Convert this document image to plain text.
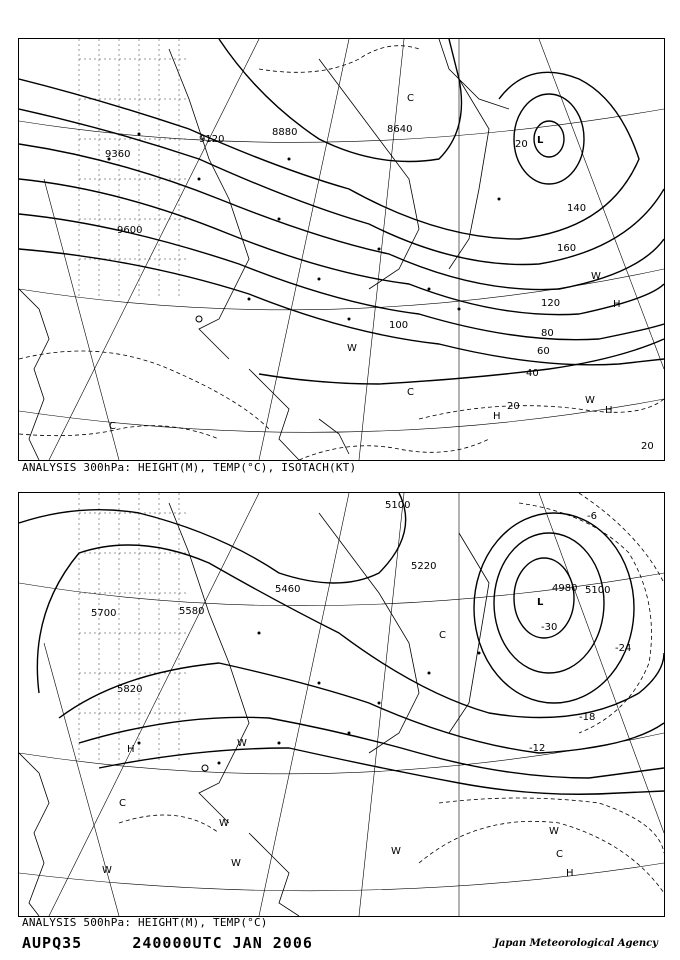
8640
8880
9120
9360
9600
20
40
60
80
100
120
140
160
20
20
L
C
W
H
H
W
C
C
W
H
ANALYSIS 300hPa: HEIGHT(M), TEMP(°C), ISOTACH(KT)
5100
5220
5460
5580
5700
5820
4980 5100
-30
-24
-18
-12
-6
L
C
C
H
W
W
W
W
W
C
H
W
ANALYSIS 500hPa: HEIGHT(M), TEMP(°C)
AUPQ35     240000UTC JAN 2006	Japan Meteorological Agency
